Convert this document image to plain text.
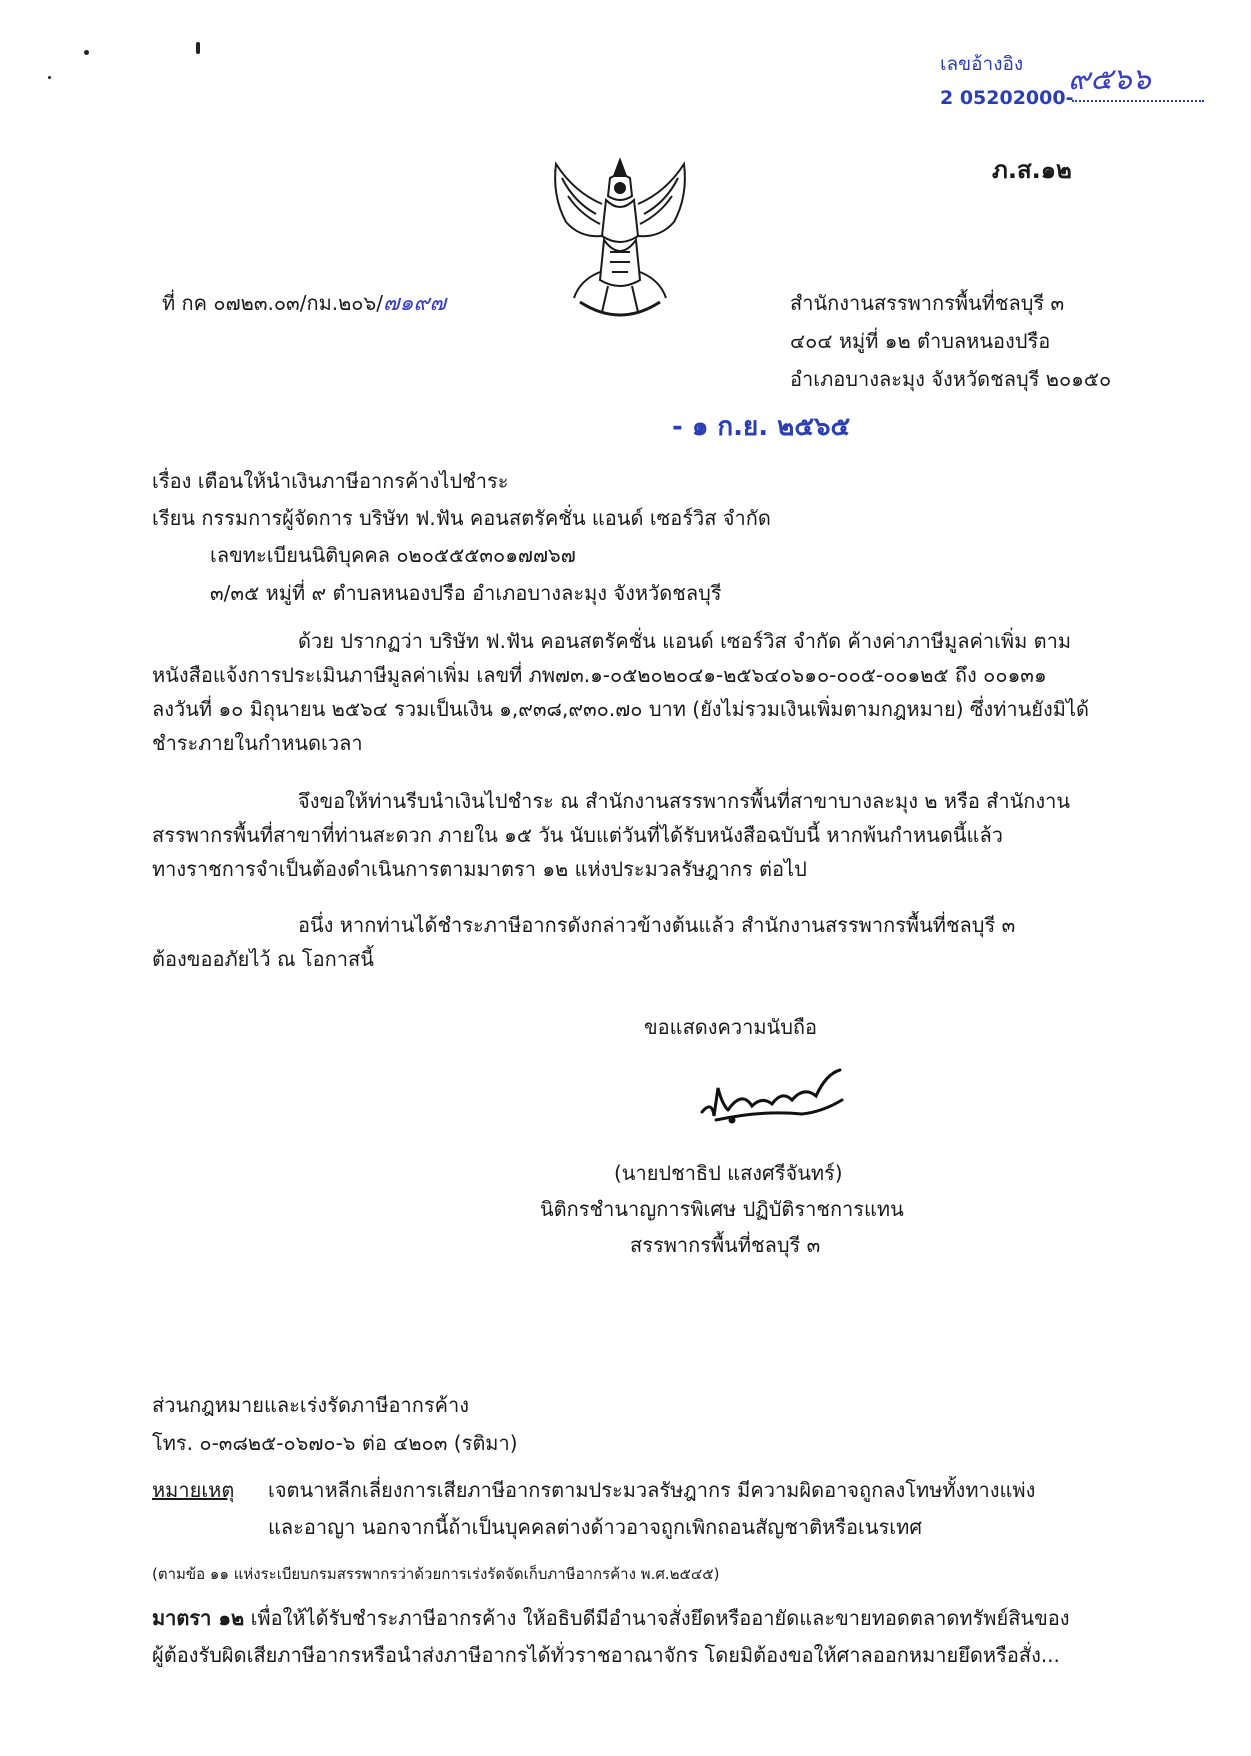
เลขอ้างอิง
2 05202000-
๙๕๖๖
ภ.ส.๑๒
ที่ กค ๐๗๒๓.๐๓/กม.๒๐๖/๗๑๙๗	สำนักงานสรรพากรพื้นที่ชลบุรี ๓
๔๐๔ หมู่ที่ ๑๒ ตำบลหนองปรือ
อำเภอบางละมุง จังหวัดชลบุรี ๒๐๑๕๐
- ๑ ก.ย. ๒๕๖๕
เรื่อง เตือนให้นำเงินภาษีอากรค้างไปชำระ
เรียน กรรมการผู้จัดการ บริษัท ฟ.ฟัน คอนสตรัคชั่น แอนด์ เซอร์วิส จำกัด
เลขทะเบียนนิติบุคคล ๐๒๐๕๕๕๓๐๑๗๗๖๗
๓/๓๕ หมู่ที่ ๙ ตำบลหนองปรือ อำเภอบางละมุง จังหวัดชลบุรี
ด้วย ปรากฏว่า บริษัท ฟ.ฟัน คอนสตรัคชั่น แอนด์ เซอร์วิส จำกัด ค้างค่าภาษีมูลค่าเพิ่ม ตาม
หนังสือแจ้งการประเมินภาษีมูลค่าเพิ่ม เลขที่ ภพ๗๓.๑-๐๕๒๐๒๐๔๑-๒๕๖๔๐๖๑๐-๐๐๕-๐๐๑๒๕ ถึง ๐๐๑๓๑
ลงวันที่ ๑๐ มิถุนายน ๒๕๖๔ รวมเป็นเงิน ๑,๙๓๘,๙๓๐.๗๐ บาท (ยังไม่รวมเงินเพิ่มตามกฎหมาย) ซึ่งท่านยังมิได้
ชำระภายในกำหนดเวลา
จึงขอให้ท่านรีบนำเงินไปชำระ ณ สำนักงานสรรพากรพื้นที่สาขาบางละมุง ๒ หรือ สำนักงาน
สรรพากรพื้นที่สาขาที่ท่านสะดวก ภายใน ๑๕ วัน นับแต่วันที่ได้รับหนังสือฉบับนี้ หากพ้นกำหนดนี้แล้ว
ทางราชการจำเป็นต้องดำเนินการตามมาตรา ๑๒ แห่งประมวลรัษฎากร ต่อไป
อนึ่ง หากท่านได้ชำระภาษีอากรดังกล่าวข้างต้นแล้ว สำนักงานสรรพากรพื้นที่ชลบุรี ๓
ต้องขออภัยไว้ ณ โอกาสนี้
ขอแสดงความนับถือ
(นายปชาธิป แสงศรีจันทร์)
นิติกรชำนาญการพิเศษ ปฏิบัติราชการแทน
สรรพากรพื้นที่ชลบุรี ๓
ส่วนกฎหมายและเร่งรัดภาษีอากรค้าง
โทร. ๐-๓๘๒๕-๐๖๗๐-๖ ต่อ ๔๒๐๓ (รติมา)
หมายเหตุ เจตนาหลีกเลี่ยงการเสียภาษีอากรตามประมวลรัษฎากร มีความผิดอาจถูกลงโทษทั้งทางแพ่ง
และอาญา นอกจากนี้ถ้าเป็นบุคคลต่างด้าวอาจถูกเพิกถอนสัญชาติหรือเนรเทศ
(ตามข้อ ๑๑ แห่งระเบียบกรมสรรพากรว่าด้วยการเร่งรัดจัดเก็บภาษีอากรค้าง พ.ศ.๒๕๔๕)
มาตรา ๑๒ เพื่อให้ได้รับชำระภาษีอากรค้าง ให้อธิบดีมีอำนาจสั่งยึดหรืออายัดและขายทอดตลาดทรัพย์สินของ
ผู้ต้องรับผิดเสียภาษีอากรหรือนำส่งภาษีอากรได้ทั่วราชอาณาจักร โดยมิต้องขอให้ศาลออกหมายยึดหรือสั่ง...
